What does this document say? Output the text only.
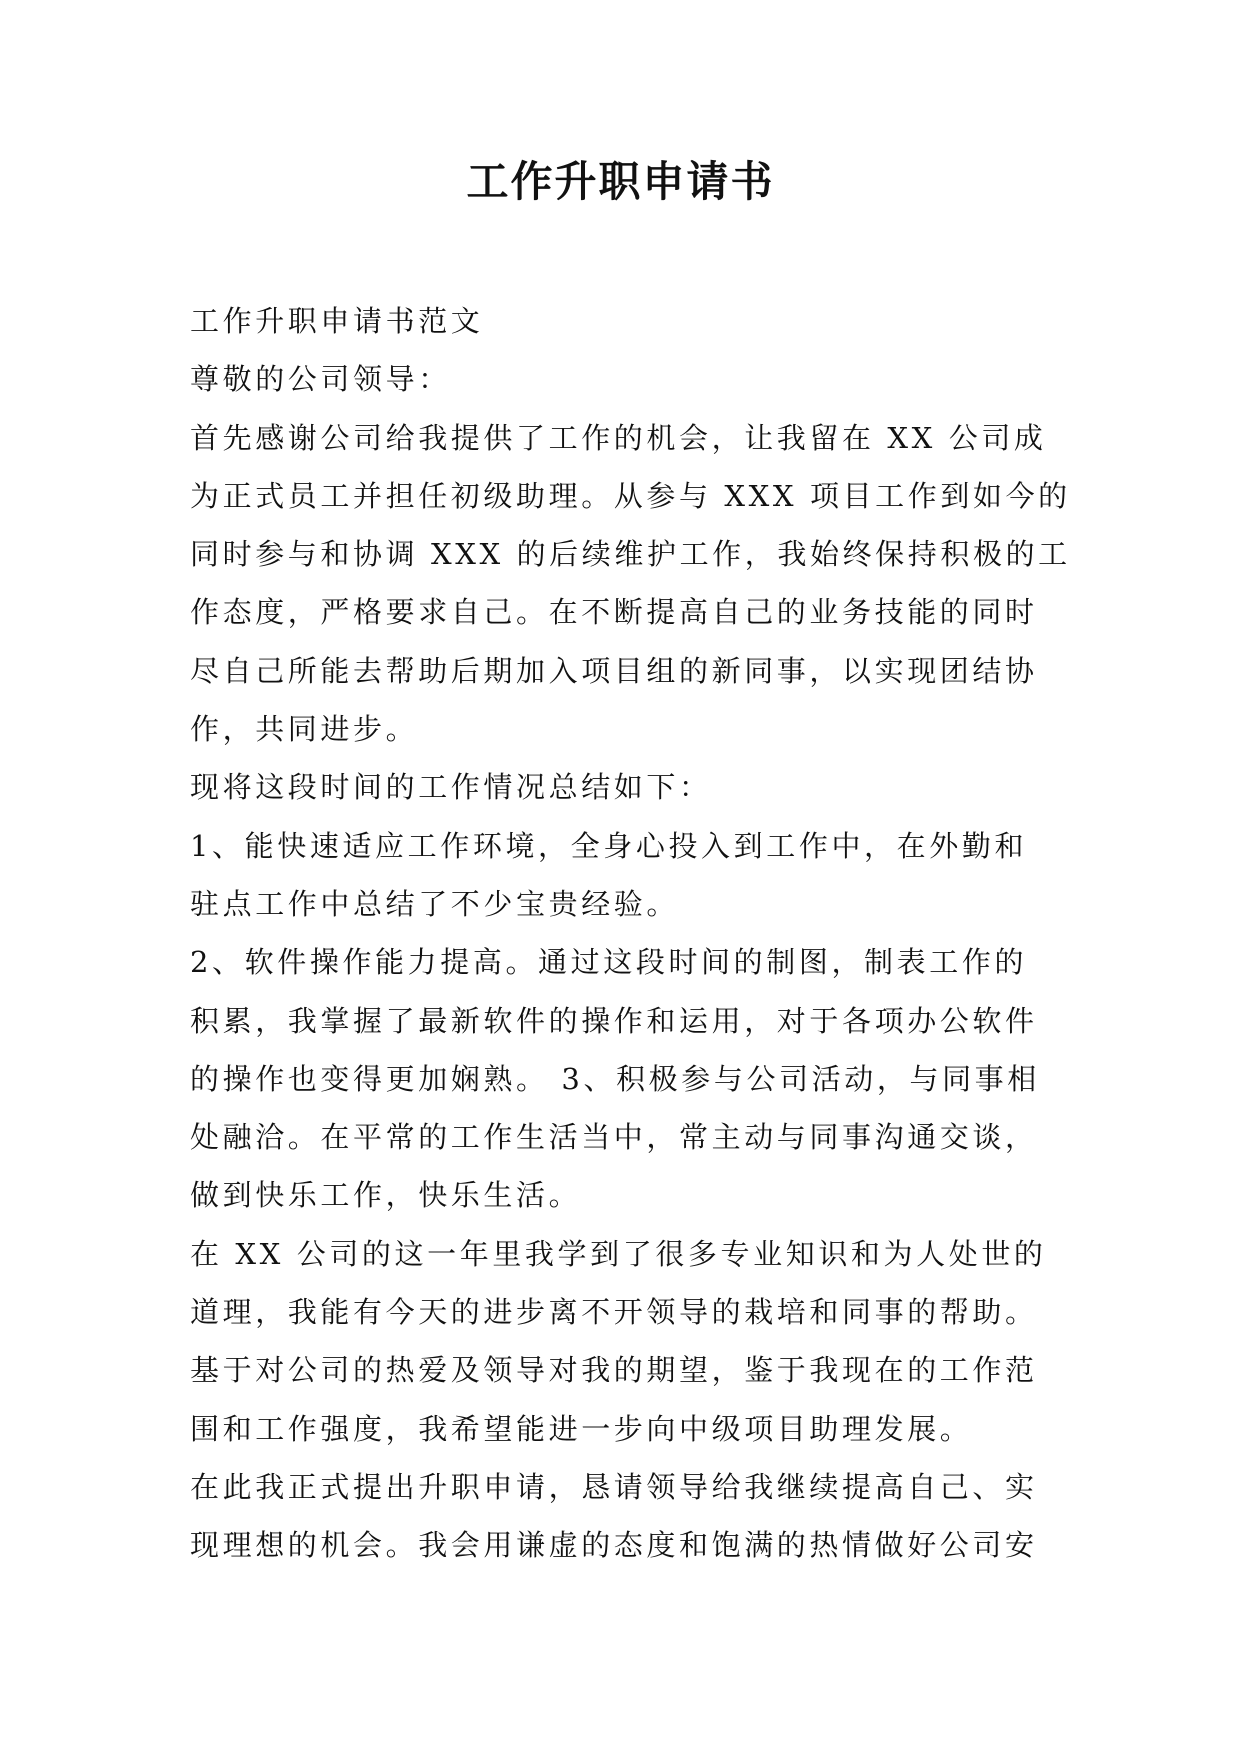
工作升职申请书
工作升职申请书范文
尊敬的公司领导：
首先感谢公司给我提供了工作的机会，让我留在 XX 公司成
为正式员工并担任初级助理。从参与 XXX 项目工作到如今的
同时参与和协调 XXX 的后续维护工作，我始终保持积极的工
作态度，严格要求自己。在不断提高自己的业务技能的同时
尽自己所能去帮助后期加入项目组的新同事，以实现团结协
作，共同进步。
现将这段时间的工作情况总结如下：
1、能快速适应工作环境，全身心投入到工作中，在外勤和
驻点工作中总结了不少宝贵经验。
2、软件操作能力提高。通过这段时间的制图，制表工作的
积累，我掌握了最新软件的操作和运用，对于各项办公软件
的操作也变得更加娴熟。 3、积极参与公司活动，与同事相
处融洽。在平常的工作生活当中，常主动与同事沟通交谈，
做到快乐工作，快乐生活。
在 XX 公司的这一年里我学到了很多专业知识和为人处世的
道理，我能有今天的进步离不开领导的栽培和同事的帮助。
基于对公司的热爱及领导对我的期望，鉴于我现在的工作范
围和工作强度，我希望能进一步向中级项目助理发展。
在此我正式提出升职申请，恳请领导给我继续提高自己、实
现理想的机会。我会用谦虚的态度和饱满的热情做好公司安
